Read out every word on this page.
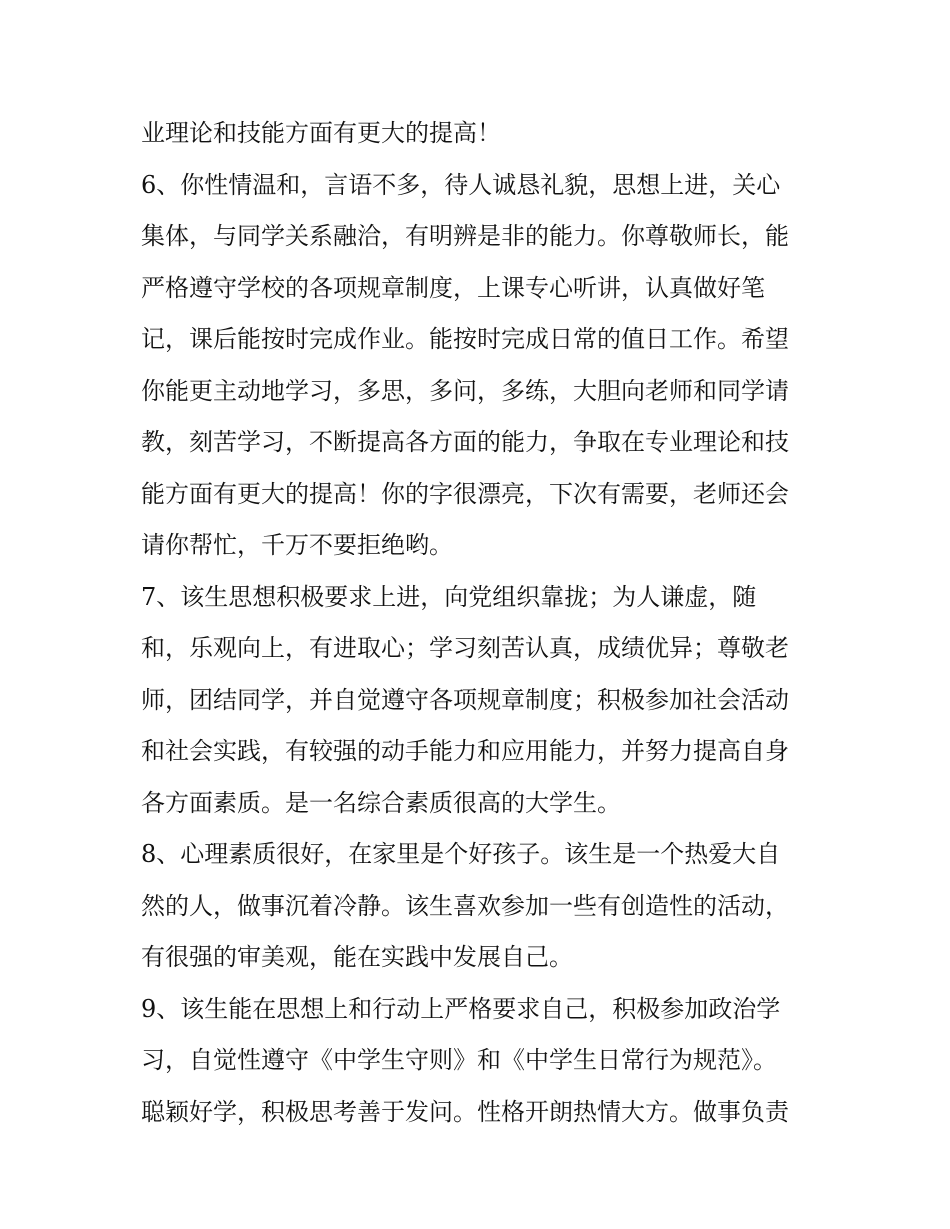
业理论和技能方面有更大的提高！
6、你性情温和，言语不多，待人诚恳礼貌，思想上进，关心
集体，与同学关系融洽，有明辨是非的能力。你尊敬师长，能
严格遵守学校的各项规章制度，上课专心听讲，认真做好笔
记，课后能按时完成作业。能按时完成日常的值日工作。希望
你能更主动地学习，多思，多问，多练，大胆向老师和同学请
教，刻苦学习，不断提高各方面的能力，争取在专业理论和技
能方面有更大的提高！你的字很漂亮，下次有需要，老师还会
请你帮忙，千万不要拒绝哟。
7、该生思想积极要求上进，向党组织靠拢；为人谦虚，随
和，乐观向上，有进取心；学习刻苦认真，成绩优异；尊敬老
师，团结同学，并自觉遵守各项规章制度；积极参加社会活动
和社会实践，有较强的动手能力和应用能力，并努力提高自身
各方面素质。是一名综合素质很高的大学生。
8、心理素质很好，在家里是个好孩子。该生是一个热爱大自
然的人，做事沉着冷静。该生喜欢参加一些有创造性的活动，
有很强的审美观，能在实践中发展自己。
9、该生能在思想上和行动上严格要求自己，积极参加政治学
习，自觉性遵守《中学生守则》和《中学生日常行为规范》。
聪颖好学，积极思考善于发问。性格开朗热情大方。做事负责
